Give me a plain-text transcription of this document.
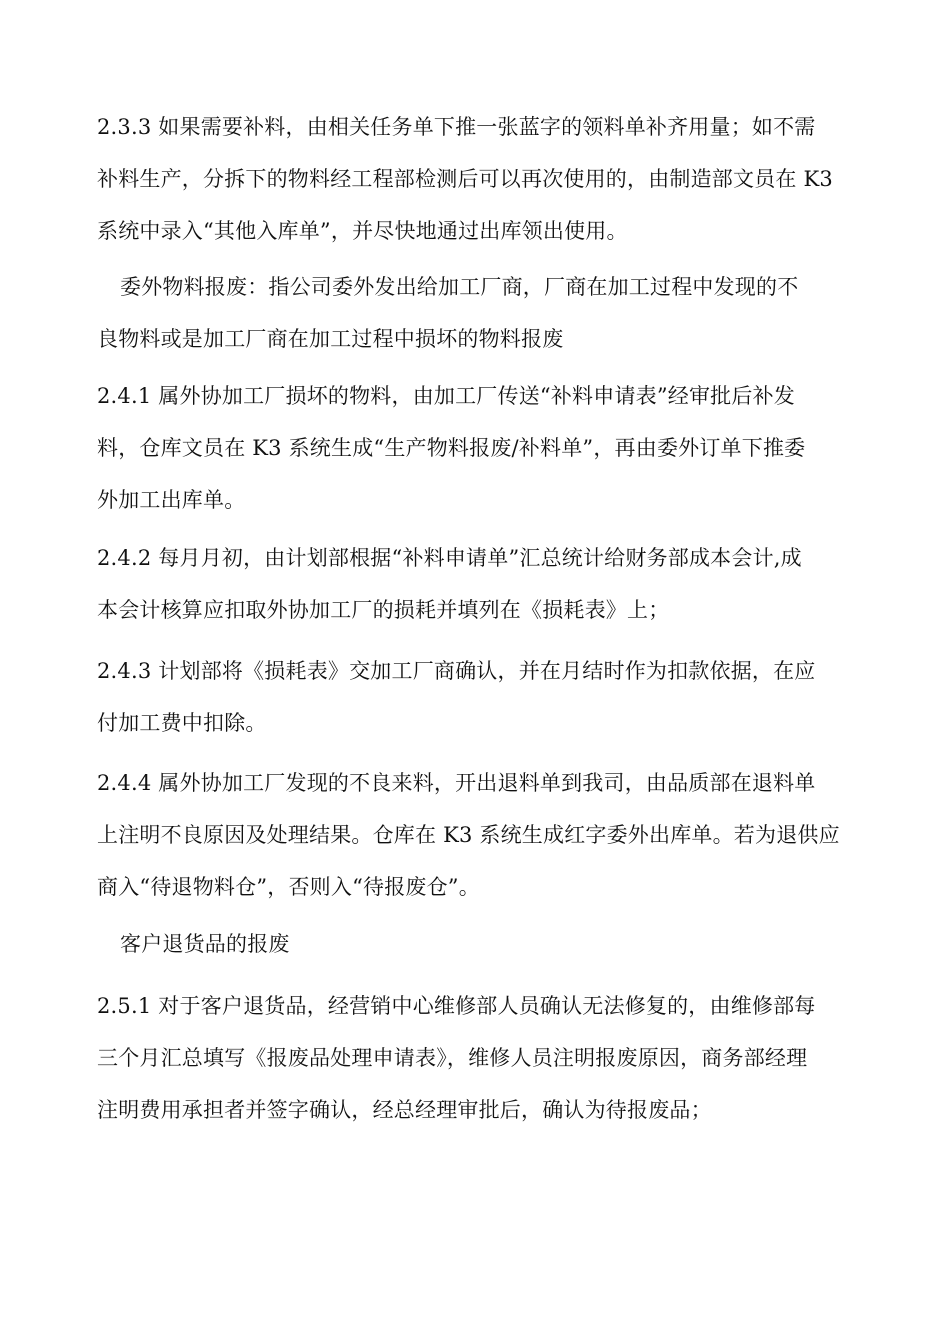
2.3.3 如果需要补料，由相关任务单下推一张蓝字的领料单补齐用量；如不需
补料生产，分拆下的物料经工程部检测后可以再次使用的，由制造部文员在 K3
系统中录入“其他入库单”，并尽快地通过出库领出使用。

委外物料报废：指公司委外发出给加工厂商，厂商在加工过程中发现的不
良物料或是加工厂商在加工过程中损坏的物料报废

2.4.1 属外协加工厂损坏的物料，由加工厂传送“补料申请表”经审批后补发
料，仓库文员在 K3 系统生成“生产物料报废/补料单”，再由委外订单下推委
外加工出库单。

2.4.2 每月月初，由计划部根据“补料申请单”汇总统计给财务部成本会计,成
本会计核算应扣取外协加工厂的损耗并填列在《损耗表》上；

2.4.3 计划部将《损耗表》交加工厂商确认，并在月结时作为扣款依据，在应
付加工费中扣除。

2.4.4 属外协加工厂发现的不良来料，开出退料单到我司，由品质部在退料单
上注明不良原因及处理结果。仓库在 K3 系统生成红字委外出库单。若为退供应
商入“待退物料仓”，否则入“待报废仓”。

客户退货品的报废

2.5.1 对于客户退货品，经营销中心维修部人员确认无法修复的，由维修部每
三个月汇总填写《报废品处理申请表》，维修人员注明报废原因，商务部经理
注明费用承担者并签字确认，经总经理审批后，确认为待报废品；
